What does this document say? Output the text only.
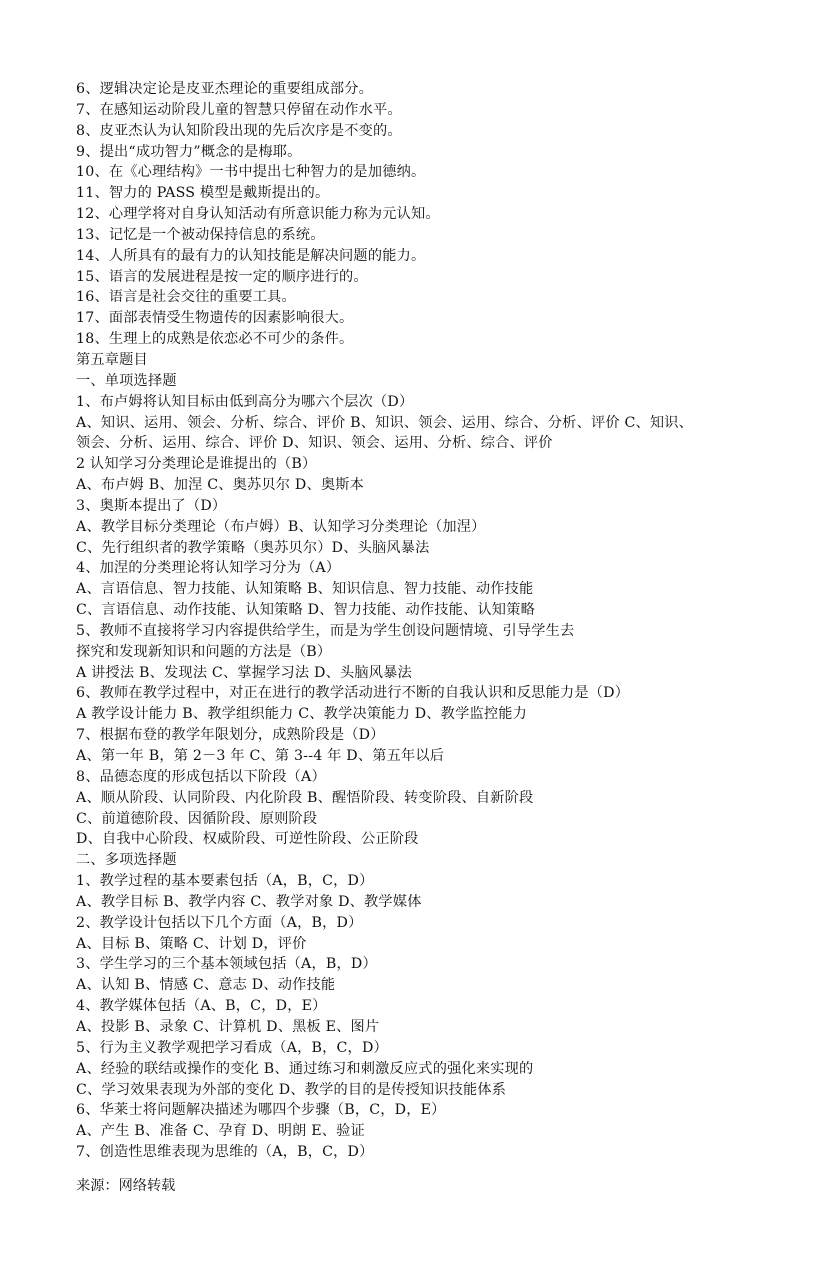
6、逻辑决定论是皮亚杰理论的重要组成部分。
7、在感知运动阶段儿童的智慧只停留在动作水平。
8、皮亚杰认为认知阶段出现的先后次序是不变的。
9、提出“成功智力”概念的是梅耶。
10、在《心理结构》一书中提出七种智力的是加德纳。
11、智力的 PASS 模型是戴斯提出的。
12、心理学将对自身认知活动有所意识能力称为元认知。
13、记忆是一个被动保持信息的系统。
14、人所具有的最有力的认知技能是解决问题的能力。
15、语言的发展进程是按一定的顺序进行的。
16、语言是社会交往的重要工具。
17、面部表情受生物遗传的因素影响很大。
18、生理上的成熟是依恋必不可少的条件。
第五章题目
一、单项选择题
1、布卢姆将认知目标由低到高分为哪六个层次（D）
A、知识、运用、领会、分析、综合、评价 B、知识、领会、运用、综合、分析、评价 C、知识、
领会、分析、运用、综合、评价 D、知识、领会、运用、分析、综合、评价
2 认知学习分类理论是谁提出的（B）
A、布卢姆 B、加涅 C、奥苏贝尔 D、奥斯本
3、奥斯本提出了（D）
A、教学目标分类理论（布卢姆）B、认知学习分类理论（加涅）
C、先行组织者的教学策略（奥苏贝尔）D、头脑风暴法
4、加涅的分类理论将认知学习分为（A）
A、言语信息、智力技能、认知策略 B、知识信息、智力技能、动作技能
C、言语信息、动作技能、认知策略 D、智力技能、动作技能、认知策略
5、教师不直接将学习内容提供给学生，而是为学生创设问题情境、引导学生去
探究和发现新知识和问题的方法是（B）
A 讲授法 B、发现法 C、掌握学习法 D、头脑风暴法
6、教师在教学过程中，对正在进行的教学活动进行不断的自我认识和反思能力是（D）
A 教学设计能力 B、教学组织能力 C、教学决策能力 D、教学监控能力
7、根据布登的教学年限划分，成熟阶段是（D）
A、第一年 B，第 2－3 年 C、第 3--4 年 D、第五年以后
8、品德态度的形成包括以下阶段（A）
A、顺从阶段、认同阶段、内化阶段 B、醒悟阶段、转变阶段、自新阶段
C、前道德阶段、因循阶段、原则阶段
D、自我中心阶段、权威阶段、可逆性阶段、公正阶段
二、多项选择题
1、教学过程的基本要素包括（A，B，C，D）
A、教学目标 B、教学内容 C、教学对象 D、教学媒体
2、教学设计包括以下几个方面（A，B，D）
A、目标 B、策略 C、计划 D，评价
3、学生学习的三个基本领域包括（A，B，D）
A、认知 B、情感 C、意志 D、动作技能
4、教学媒体包括（A、B，C，D，E）
A、投影 B、录象 C、计算机 D、黑板 E、图片
5、行为主义教学观把学习看成（A，B，C，D）
A、经验的联结或操作的变化 B、通过练习和刺激反应式的强化来实现的
C、学习效果表现为外部的变化 D、教学的目的是传授知识技能体系
6、华莱士将问题解决描述为哪四个步骤（B，C，D，E）
A、产生 B、准备 C、孕育 D、明朗 E、验证
7、创造性思维表现为思维的（A，B，C，D）
来源：网络转载
